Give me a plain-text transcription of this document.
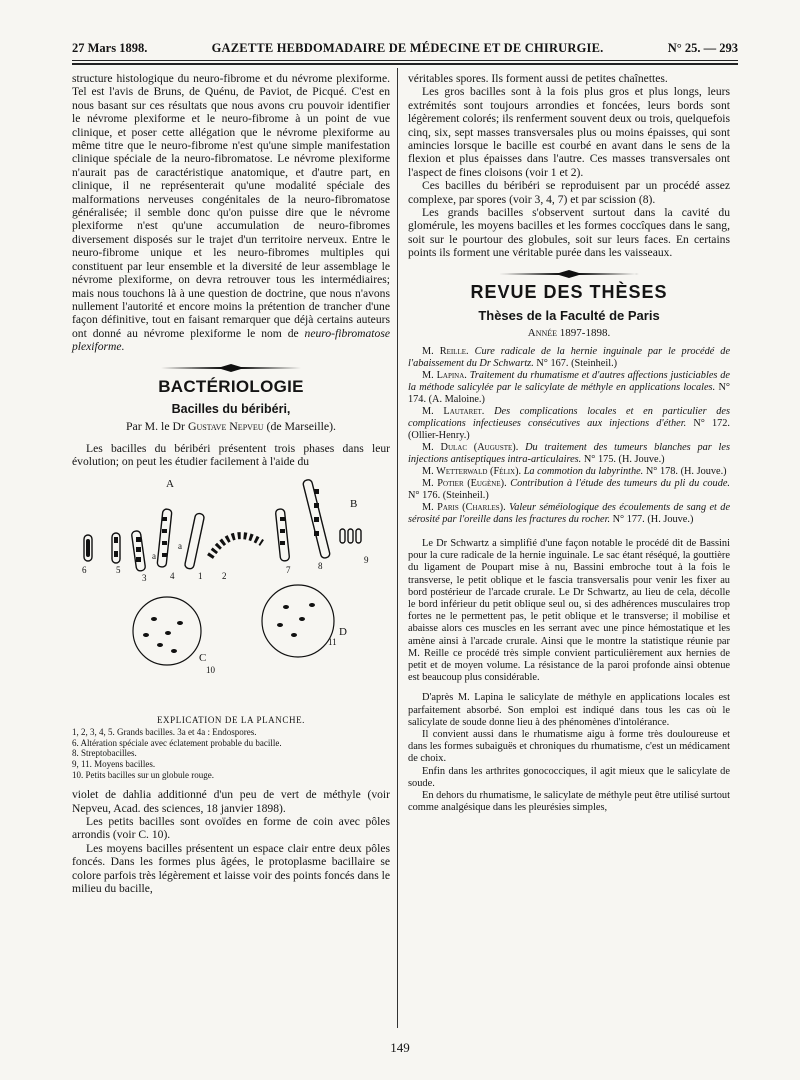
27 Mars 1898.	GAZETTE HEBDOMADAIRE DE MÉDECINE ET DE CHIRURGIE.	N° 25. — 293

structure histologique du neuro-fibrome et du névrome plexiforme. Tel est l'avis de Bruns, de Quénu, de Paviot, de Picqué. C'est en nous basant sur ces résultats que nous avons cru pouvoir identifier le névrome plexiforme et le neuro-fibrome à un point de vue clinique, et poser cette allégation que le névrome plexiforme au même titre que le neuro-fibrome n'est qu'une simple manifestation clinique spéciale de la neuro-fibromatose. Le névrome plexiforme n'aurait pas de caractéristique anatomique, et d'autre part, en clinique, il ne représenterait qu'une modalité spéciale des malformations nerveuses congénitales de la neuro-fibromatose généralisée; il semble donc qu'on puisse dire que le névrome plexiforme n'est qu'une accumulation de neuro-fibromes diversement disposés sur le trajet d'un territoire nerveux. Entre le neuro-fibrome unique et les neuro-fibromes multiples qui constituent par leur ensemble et la diversité de leur assemblage le névrome plexiforme, on devra retrouver tous les intermédiaires; mais nous touchons là à une question de doctrine, que nous n'avons nullement l'autorité et encore moins la prétention de trancher d'une façon définitive, tout en faisant remarquer que déjà certains auteurs ont donné au névrome plexiforme le nom de neuro-fibromatose plexiforme.

BACTÉRIOLOGIE
Bacilles du béribéri,
Par M. le Dr Gustave Nepveu (de Marseille).

Les bacilles du béribéri présentent trois phases dans leur évolution; on peut les étudier facilement à l'aide du

A
B
C
D
6	5
3	4	1 2
7	8
9
10
11
a
a
EXPLICATION DE LA PLANCHE.
1, 2, 3, 4, 5. Grands bacilles. 3a et 4a : Endospores.
6. Altération spéciale avec éclatement probable du bacille.
8. Streptobacilles.
9, 11. Moyens bacilles.
10. Petits bacilles sur un globule rouge.

violet de dahlia additionné d'un peu de vert de méthyle (voir Nepveu, Acad. des sciences, 18 janvier 1898).

Les petits bacilles sont ovoïdes en forme de coin avec pôles arrondis (voir C. 10).

Les moyens bacilles présentent un espace clair entre deux pôles foncés. Dans les formes plus âgées, le protoplasme bacillaire se colore parfois très légèrement et laisse voir des points foncés dans le milieu du bacille,

véritables spores. Ils forment aussi de petites chaînettes.

Les gros bacilles sont à la fois plus gros et plus longs, leurs extrémités sont toujours arrondies et foncées, leurs bords sont légèrement colorés; ils renferment souvent deux ou trois, quelquefois cinq, six, sept masses transversales plus ou moins épaisses, qui sont amincies lorsque le bacille est courbé en avant dans le sens de la flexion et plus épaisses dans l'autre. Ces masses transversales ont l'aspect de fines cloisons (voir 1 et 2).

Ces bacilles du béribéri se reproduisent par un procédé assez complexe, par spores (voir 3, 4, 7) et par scission (8).

Les grands bacilles s'observent surtout dans la cavité du glomérule, les moyens bacilles et les formes coccîques dans le sang, soit sur le pourtour des globules, soit sur leurs faces. En certains points ils forment une véritable purée dans les vaisseaux.

REVUE DES THÈSES
Thèses de la Faculté de Paris
Année 1897-1898.
M. Reille. Cure radicale de la hernie inguinale par le procédé de l'abaissement du Dr Schwartz. N° 167. (Steinheil.)
M. Lapina. Traitement du rhumatisme et d'autres affections justiciables de la méthode salicylée par le salicylate de méthyle en applications locales. N° 174. (A. Maloine.)
M. Lautaret. Des complications locales et en particulier des complications infectieuses consécutives aux injections d'éther. N° 172. (Ollier-Henry.)
M. Dulac (Auguste). Du traitement des tumeurs blanches par les injections antiseptiques intra-articulaires. N° 175. (H. Jouve.)
M. Wetterwald (Félix). La commotion du labyrinthe. N° 178. (H. Jouve.)
M. Potier (Eugène). Contribution à l'étude des tumeurs du pli du coude. N° 176. (Steinheil.)
M. Paris (Charles). Valeur séméiologique des écoulements de sang et de sérosité par l'oreille dans les fractures du rocher. N° 177. (H. Jouve.)

Le Dr Schwartz a simplifié d'une façon notable le procédé dit de Bassini pour la cure radicale de la hernie inguinale. Le sac étant réséqué, la gouttière du ligament de Poupart mise à nu, Bassini embroche tout à la fois le transverse, le petit oblique et le fascia transversalis pour venir les fixer au bord postérieur de l'arcade crurale. Le Dr Schwartz, au lieu de cela, décolle le bord inférieur du petit oblique seul ou, si des adhérences musculaires trop fortes ne le permettent pas, le petit oblique et le transverse; il mobilise et abaisse alors ces muscles en les serrant avec une pince hémostatique et les amène ainsi à l'arcade crurale. Ainsi que le montre la statistique réunie par M. Reille ce procédé très simple convient particulièrement aux hernies de petit et de moyen volume. La résistance de la paroi profonde ainsi obtenue est beaucoup plus considérable.

D'après M. Lapina le salicylate de méthyle en applications locales est parfaitement absorbé. Son emploi est indiqué dans tous les cas où le salicylate de soude donne lieu à des phénomènes d'intolérance.

Il convient aussi dans le rhumatisme aigu à forme très douloureuse et dans les formes subaiguës et chroniques du rhumatisme, c'est un médicament de choix.

Enfin dans les arthrites gonococciques, il agit mieux que le salicylate de soude.

En dehors du rhumatisme, le salicylate de méthyle peut être utilisé surtout comme analgésique dans les pleurésies simples,

149
